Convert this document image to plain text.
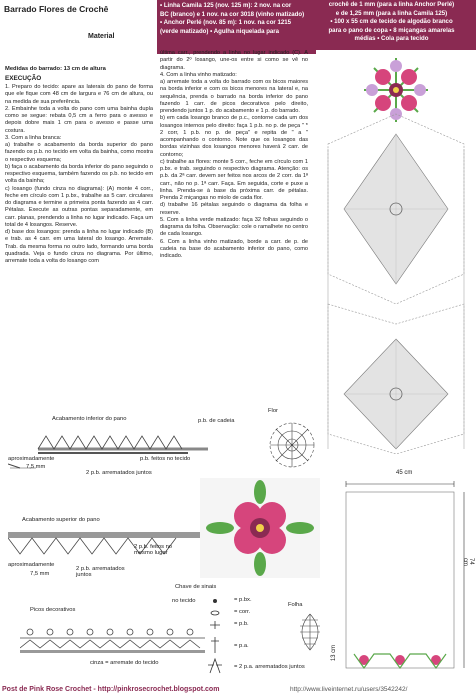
Barrado Flores de Crochê
Material
• Linha Camila 125 (nov. 125 m): 2 nov. na cor
BC (branco) e 1 nov. na cor 3018 (vinho matizado)
• Anchor Perlé (nov. 85 m): 1 nov. na cor 1215
(verde matizado) • Agulha niquelada para
crochê de 1 mm (para a linha Anchor Perlé)
e de 1,25 mm (para a linha Camila 125)
• 100 x 55 cm de tecido de algodão branco
para o pano de copa • 8 miçangas amarelas
médias • Cola para tecido
Medidas do barrado: 13 cm de altura
EXECUÇÃO

1. Preparo do tecido: apare as laterais do pano de forma que ele fique com 48 cm de largura e 76 cm de altura, ou na medida de sua preferência.

2. Embainhe toda a volta do pano com uma bainha dupla como se segue: rebata 0,5 cm a ferro para o avesso e depois dobre mais 1 cm para o avesso e passe uma costura.

3. Com a linha branca:

a) trabalhe o acabamento da borda superior do pano fazendo os p.b. no tecido em volta da bainha, como mostra o respectivo esquema;

b) faça o acabamento da borda inferior do pano seguindo o respectivo esquema, também fazendo os p.b. no tecido em volta da bainha;

c) losango (fundo cinza no diagrama): (A) monte 4 corr., feche em círculo com 1 p.bx., trabalhe as 5 carr. circulares do diagrama e termine a primeira ponta fazendo as 4 carr. Pétalas. Execute as outras pontas separadamente, em carr. planas, prendendo a linha no lugar indicado. Faça um total de 4 losangos. Reserve.

d) base dos losangos: prenda a linha no lugar indicado (B) e trab. as 4 carr. em uma lateral do losango. Arremate. Trab. da mesma forma no outro lado, formando uma borda quadrada. Veja o fundo cinza no diagrama. Por último, arremate toda a volta do losango com

última carr., prendendo a linha no lugar indicado (C). A partir do 2º losango, une-os entre si como se vê no diagrama.

4. Com a linha vinho matizado:

a) arremate toda a volta do barrado com os bicos maiores na borda inferior e com os bicos menores na lateral e, na sequência, prenda o barrado na borda inferior do pano fazendo 1 carr. de picos decorativos pelo direito, prendendo juntos 1 p. do acabamento e 1 p. do barrado.

b) em cada losango branco de p.c., contorne cada um dos losangos internos pelo direito: faça 1 p.b. no p. de peça " * 2 corr, 1 p.b. no p. de peça" e repita de " a " acompanhando o contorno. Note que os losangos das bordas vizinhas dos losangos menores haverá 2 carr. de contorno;

c) trabalhe as flores: monte 5 corr., feche em círculo com 1 p.bx. e trab. seguindo o respectivo diagrama. Atenção: os p.b. da 2ª carr. devem ser feitos nos arcos de 2 corr. da 1ª carr., não no p. 1ª carr. Faça. Em seguida, corte e puxe a linha. Prenda-se à base da próxima carr. de pétalas. Prenda 2 miçangas no miolo de cada flor.

d) trabalhe 16 pétalas seguindo o diagrama da folha e reserve.

5. Com a linha verde matizado: faça 32 folhas seguindo o diagrama da folha. Observação: cole o ramalhete no centro de cada losango.

6. Com a linha vinho matizado, borde a carr. de p. de cadeia na base do acabamento inferior do pano, como indicado.

Acabamento inferior do pano	p.b. de cadeia
aproximadamente
7,5 mm
2 p.b. arrematados juntos
p.b. feitos no tecido
Acabamento superior do pano
aproximadamente
7,5 mm
2 p.b. arrematados juntos
2 p.b. feitos no mesmo lugar
Picos decorativos
cinza = arremate do tecido
Flor
Chave de sinais
= p.bx.
= corr.
= p.b.
= p.a.
= 2 p.a. arrematados juntos
no tecido
Folha
45 cm
74 cm
13 cm
Post de Pink Rose Crochet - http://pinkrosecrochet.blogspot.com	http://www.liveinternet.ru/users/3542242/
